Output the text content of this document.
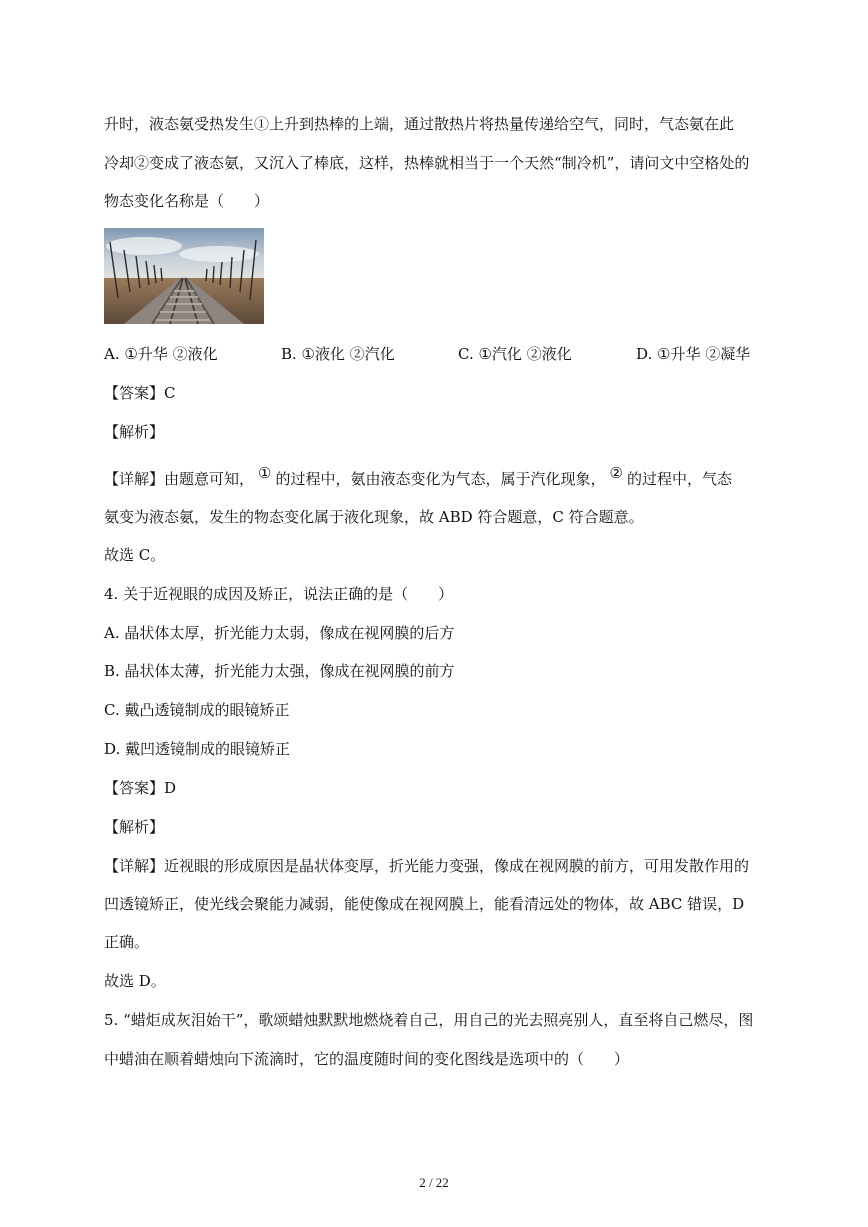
升时，液态氨受热发生①上升到热棒的上端，通过散热片将热量传递给空气，同时，气态氨在此
冷却②变成了液态氨，又沉入了棒底，这样，热棒就相当于一个天然“制冷机”，请问文中空格处的
物态变化名称是（　　）
A. ①升华 ②液化	B. ①液化 ②汽化	C. ①汽化 ②液化	D. ①升华 ②凝华
【答案】C
【解析】
【详解】由题意可知， ① 的过程中，氨由液态变化为气态，属于汽化现象， ② 的过程中，气态
氨变为液态氨，发生的物态变化属于液化现象，故 ABD 符合题意，C 符合题意。
故选 C。
4. 关于近视眼的成因及矫正，说法正确的是（　　）
A. 晶状体太厚，折光能力太弱，像成在视网膜的后方
B. 晶状体太薄，折光能力太强，像成在视网膜的前方
C. 戴凸透镜制成的眼镜矫正
D. 戴凹透镜制成的眼镜矫正
【答案】D
【解析】
【详解】近视眼的形成原因是晶状体变厚，折光能力变强，像成在视网膜的前方，可用发散作用的
凹透镜矫正，使光线会聚能力减弱，能使像成在视网膜上，能看清远处的物体，故 ABC 错误，D
正确。
故选 D。
5. “蜡炬成灰泪始干”，歌颂蜡烛默默地燃烧着自己，用自己的光去照亮别人，直至将自己燃尽，图
中蜡油在顺着蜡烛向下流滴时，它的温度随时间的变化图线是选项中的（　　）
2 / 22
